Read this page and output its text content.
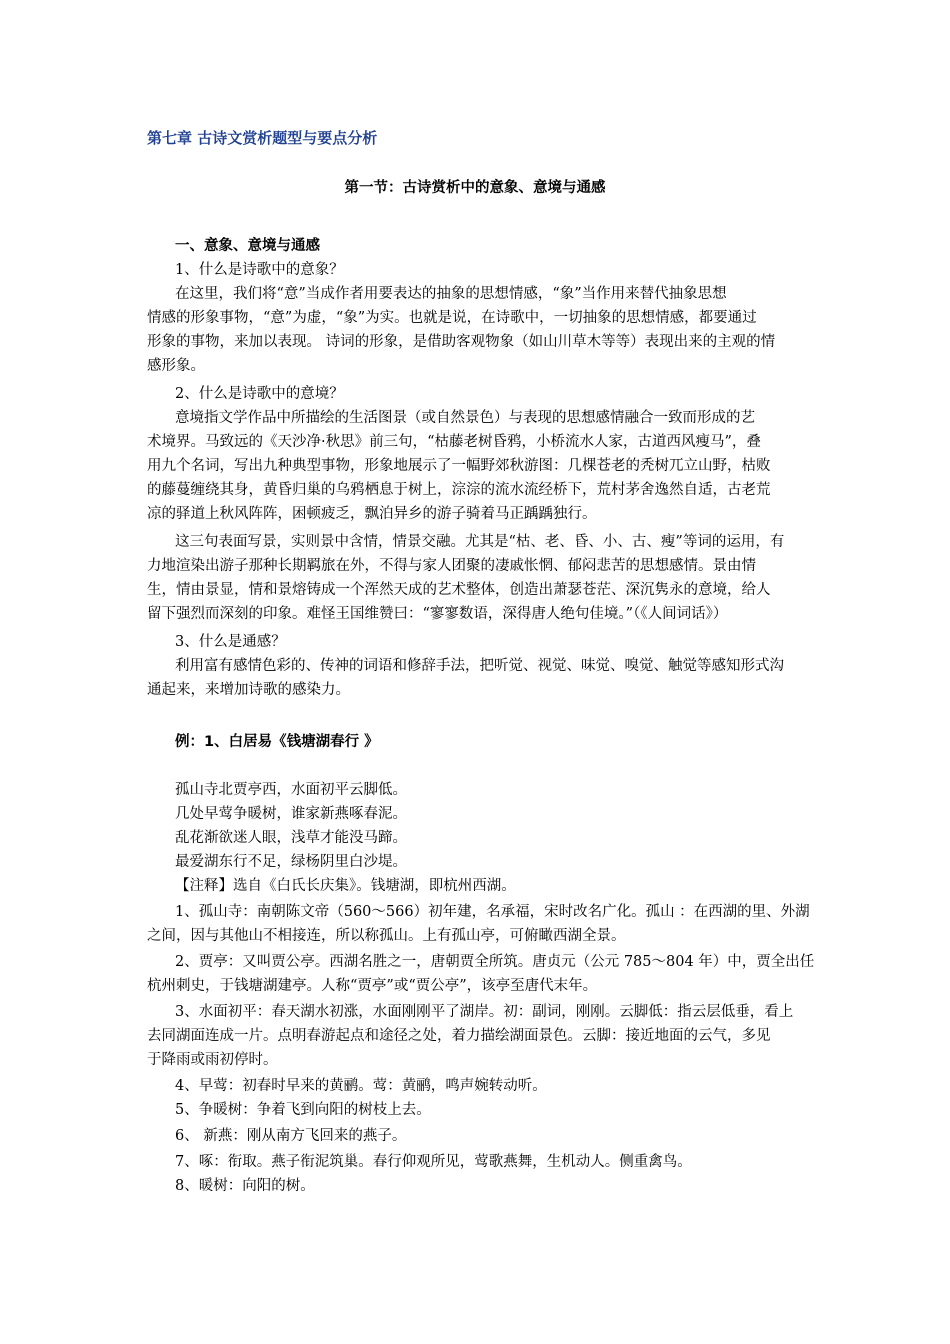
第七章 古诗文赏析题型与要点分析
第一节：古诗赏析中的意象、意境与通感
一、意象、意境与通感
1、什么是诗歌中的意象？
在这里，我们将“意”当成作者用要表达的抽象的思想情感，“象”当作用来替代抽象思想
情感的形象事物，“意”为虚，“象”为实。也就是说，在诗歌中，一切抽象的思想情感，都要通过
形象的事物，来加以表现。 诗词的形象，是借助客观物象（如山川草木等等）表现出来的主观的情
感形象。
2、什么是诗歌中的意境？
意境指文学作品中所描绘的生活图景（或自然景色）与表现的思想感情融合一致而形成的艺
术境界。马致远的《天沙净·秋思》前三句，“枯藤老树昏鸦，小桥流水人家，古道西风瘦马”，叠
用九个名词，写出九种典型事物，形象地展示了一幅野郊秋游图：几棵苍老的秃树兀立山野，枯败
的藤蔓缠绕其身，黄昏归巢的乌鸦栖息于树上，淙淙的流水流经桥下，荒村茅舍逸然自适，古老荒
凉的驿道上秋风阵阵，困顿疲乏，飘泊异乡的游子骑着马正踽踽独行。
这三句表面写景，实则景中含情，情景交融。尤其是“枯、老、昏、小、古、瘦”等词的运用，有
力地渲染出游子那种长期羁旅在外，不得与家人团聚的凄戚怅惘、郁闷悲苦的思想感情。景由情
生，情由景显，情和景熔铸成一个浑然天成的艺术整体，创造出萧瑟苍茫、深沉隽永的意境，给人
留下强烈而深刻的印象。难怪王国维赞曰：“寥寥数语，深得唐人绝句佳境。”（《人间词话》）
3、什么是通感？
利用富有感情色彩的、传神的词语和修辞手法，把听觉、视觉、味觉、嗅觉、触觉等感知形式沟
通起来，来增加诗歌的感染力。
例：1、白居易《钱塘湖春行 》
孤山寺北贾亭西，水面初平云脚低。
几处早莺争暖树，谁家新燕啄春泥。
乱花渐欲迷人眼，浅草才能没马蹄。
最爱湖东行不足，绿杨阴里白沙堤。
【注释】选自《白氏长庆集》。钱塘湖，即杭州西湖。
1、孤山寺：南朝陈文帝（560～566）初年建，名承福，宋时改名广化。孤山 ：在西湖的里、外湖
之间，因与其他山不相接连，所以称孤山。上有孤山亭，可俯瞰西湖全景。
2、贾亭：又叫贾公亭。西湖名胜之一，唐朝贾全所筑。唐贞元（公元 785～804 年）中，贾全出任
杭州刺史，于钱塘湖建亭。人称“贾亭”或“贾公亭”，该亭至唐代末年。
3、水面初平：春天湖水初涨，水面刚刚平了湖岸。初：副词，刚刚。云脚低：指云层低垂，看上
去同湖面连成一片。点明春游起点和途径之处，着力描绘湖面景色。云脚：接近地面的云气，多见
于降雨或雨初停时。
4、早莺：初春时早来的黄鹂。莺：黄鹂，鸣声婉转动听。
5、争暖树：争着飞到向阳的树枝上去。
6、 新燕：刚从南方飞回来的燕子。
7、啄：衔取。燕子衔泥筑巢。春行仰观所见，莺歌燕舞，生机动人。侧重禽鸟。
8、暖树：向阳的树。
